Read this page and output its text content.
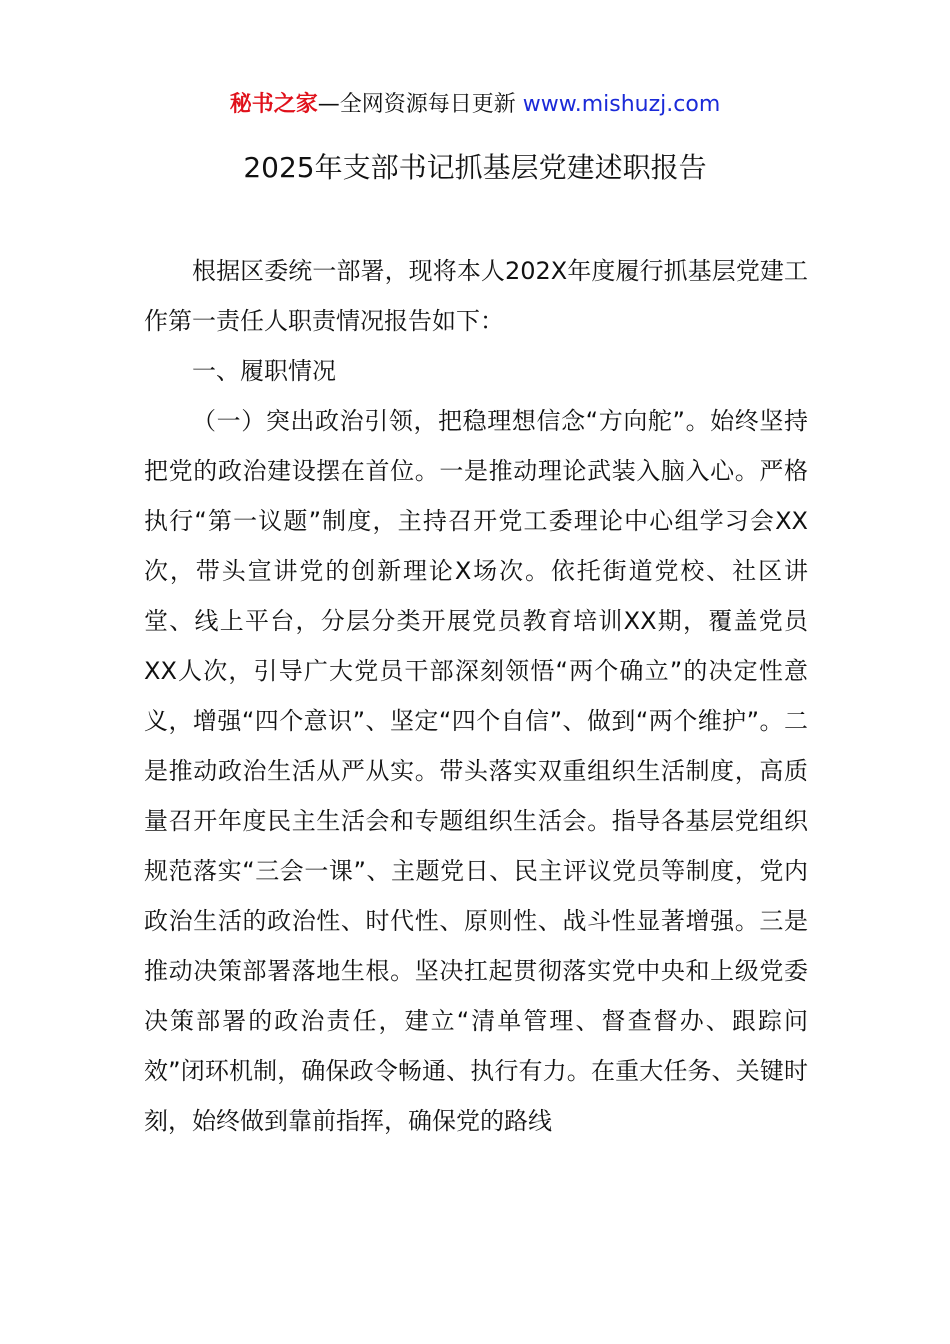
秘书之家—全网资源每日更新 www.mishuzj.com
2025年支部书记抓基层党建述职报告

根据区委统一部署，现将本人202X年度履行抓基层党建工作第一责任人职责情况报告如下：

一、履职情况

（一）突出政治引领，把稳理想信念“方向舵”。始终坚持把党的政治建设摆在首位。一是推动理论武装入脑入心。严格执行“第一议题”制度，主持召开党工委理论中心组学习会XX次，带头宣讲党的创新理论X场次。依托街道党校、社区讲堂、线上平台，分层分类开展党员教育培训XX期，覆盖党员XX人次，引导广大党员干部深刻领悟“两个确立”的决定性意义，增强“四个意识”、坚定“四个自信”、做到“两个维护”。二是推动政治生活从严从实。带头落实双重组织生活制度，高质量召开年度民主生活会和专题组织生活会。指导各基层党组织规范落实“三会一课”、主题党日、民主评议党员等制度，党内政治生活的政治性、时代性、原则性、战斗性显著增强。三是推动决策部署落地生根。坚决扛起贯彻落实党中央和上级党委决策部署的政治责任，建立“清单管理、督查督办、跟踪问效”闭环机制，确保政令畅通、执行有力。在重大任务、关键时刻，始终做到靠前指挥，确保党的路线
